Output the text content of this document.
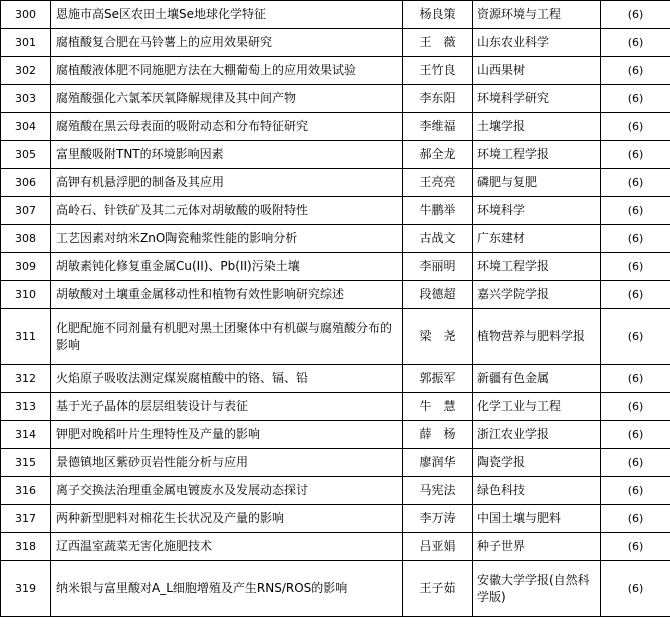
300	恩施市高Se区农田土壤Se地球化学特征	杨良策	资源环境与工程	(6)
301	腐植酸复合肥在马铃薯上的应用效果研究	王　薇	山东农业科学	(6)
302	腐植酸液体肥不同施肥方法在大棚葡萄上的应用效果试验	王竹良	山西果树	(6)
303	腐殖酸强化六氯苯厌氧降解规律及其中间产物	李东阳	环境科学研究	(6)
304	腐殖酸在黑云母表面的吸附动态和分布特征研究	李维福	土壤学报	(6)
305	富里酸吸附TNT的环境影响因素	郝全龙	环境工程学报	(6)
306	高钾有机悬浮肥的制备及其应用	王亮亮	磷肥与复肥	(6)
307	高岭石、针铁矿及其二元体对胡敏酸的吸附特性	牛鹏举	环境科学	(6)
308	工艺因素对纳米ZnO陶瓷釉浆性能的影响分析	古战文	广东建材	(6)
309	胡敏素钝化修复重金属Cu(II)、Pb(II)污染土壤	李丽明	环境工程学报	(6)
310	胡敏酸对土壤重金属移动性和植物有效性影响研究综述	段德超	嘉兴学院学报	(6)
311	化肥配施不同剂量有机肥对黑土团聚体中有机碳与腐殖酸分布的影响	梁　尧	植物营养与肥料学报	(6)
312	火焰原子吸收法测定煤炭腐植酸中的铬、镉、铅	郭振军	新疆有色金属	(6)
313	基于光子晶体的层层组装设计与表征	牛　慧	化学工业与工程	(6)
314	钾肥对晚稻叶片生理特性及产量的影响	薛　杨	浙江农业学报	(6)
315	景德镇地区紫砂页岩性能分析与应用	廖润华	陶瓷学报	(6)
316	离子交换法治理重金属电镀废水及发展动态探讨	马宪法	绿色科技	(6)
317	两种新型肥料对棉花生长状况及产量的影响	李万涛	中国土壤与肥料	(6)
318	辽西温室蔬菜无害化施肥技术	吕亚娟	种子世界	(6)
319	纳米银与富里酸对A_L细胞增殖及产生RNS/ROS的影响	王子茹	安徽大学学报(自然科学版)	(6)
